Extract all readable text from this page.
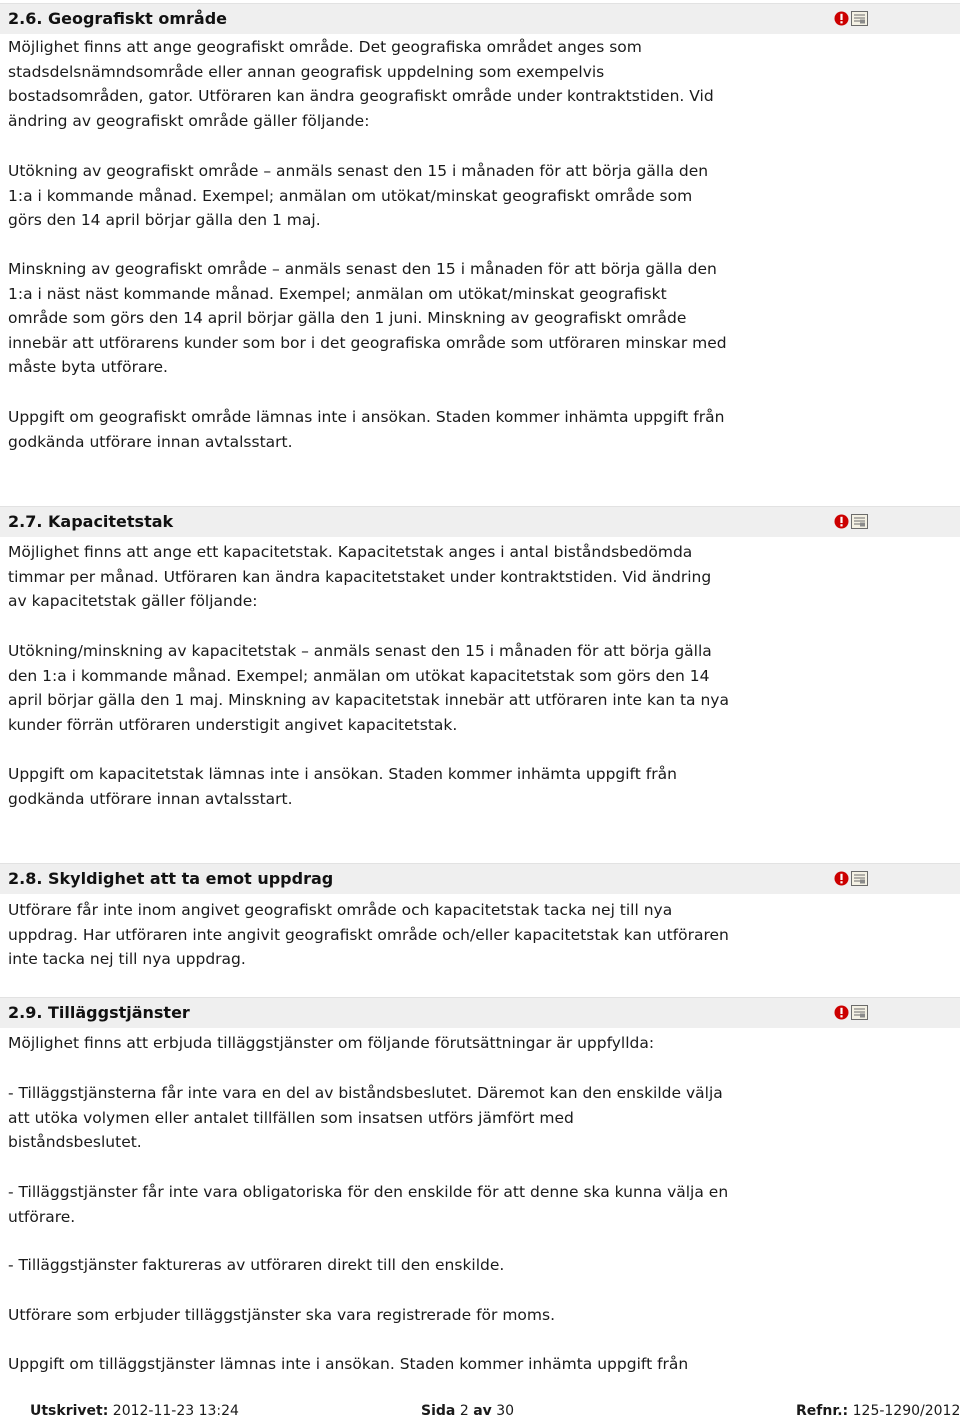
2.6. Geografiskt område
Möjlighet finns att ange geografiskt område. Det geografiska området anges som
stadsdelsnämndsområde eller annan geografisk uppdelning som exempelvis
bostadsområden, gator. Utföraren kan ändra geografiskt område under kontraktstiden. Vid
ändring av geografiskt område gäller följande:
Utökning av geografiskt område – anmäls senast den 15 i månaden för att börja gälla den
1:a i kommande månad. Exempel; anmälan om utökat/minskat geografiskt område som
görs den 14 april börjar gälla den 1 maj.
Minskning av geografiskt område – anmäls senast den 15 i månaden för att börja gälla den
1:a i näst näst kommande månad. Exempel; anmälan om utökat/minskat geografiskt
område som görs den 14 april börjar gälla den 1 juni. Minskning av geografiskt område
innebär att utförarens kunder som bor i det geografiska område som utföraren minskar med
måste byta utförare.
Uppgift om geografiskt område lämnas inte i ansökan. Staden kommer inhämta uppgift från
godkända utförare innan avtalsstart.
2.7. Kapacitetstak
Möjlighet finns att ange ett kapacitetstak. Kapacitetstak anges i antal biståndsbedömda
timmar per månad. Utföraren kan ändra kapacitetstaket under kontraktstiden. Vid ändring
av kapacitetstak gäller följande:
Utökning/minskning av kapacitetstak – anmäls senast den 15 i månaden för att börja gälla
den 1:a i kommande månad. Exempel; anmälan om utökat kapacitetstak som görs den 14
april börjar gälla den 1 maj. Minskning av kapacitetstak innebär att utföraren inte kan ta nya
kunder förrän utföraren understigit angivet kapacitetstak.
Uppgift om kapacitetstak lämnas inte i ansökan. Staden kommer inhämta uppgift från
godkända utförare innan avtalsstart.
2.8. Skyldighet att ta emot uppdrag
Utförare får inte inom angivet geografiskt område och kapacitetstak tacka nej till nya
uppdrag. Har utföraren inte angivit geografiskt område och/eller kapacitetstak kan utföraren
inte tacka nej till nya uppdrag.
2.9. Tilläggstjänster
Möjlighet finns att erbjuda tilläggstjänster om följande förutsättningar är uppfyllda:
- Tilläggstjänsterna får inte vara en del av biståndsbeslutet. Däremot kan den enskilde välja
att utöka volymen eller antalet tillfällen som insatsen utförs jämfört med
biståndsbeslutet.
- Tilläggstjänster får inte vara obligatoriska för den enskilde för att denne ska kunna välja en
utförare.
- Tilläggstjänster faktureras av utföraren direkt till den enskilde.
Utförare som erbjuder tilläggstjänster ska vara registrerade för moms.
Uppgift om tilläggstjänster lämnas inte i ansökan. Staden kommer inhämta uppgift från
Utskrivet: 2012-11-23 13:24	Sida 2 av 30	Refnr.: 125-1290/2012
